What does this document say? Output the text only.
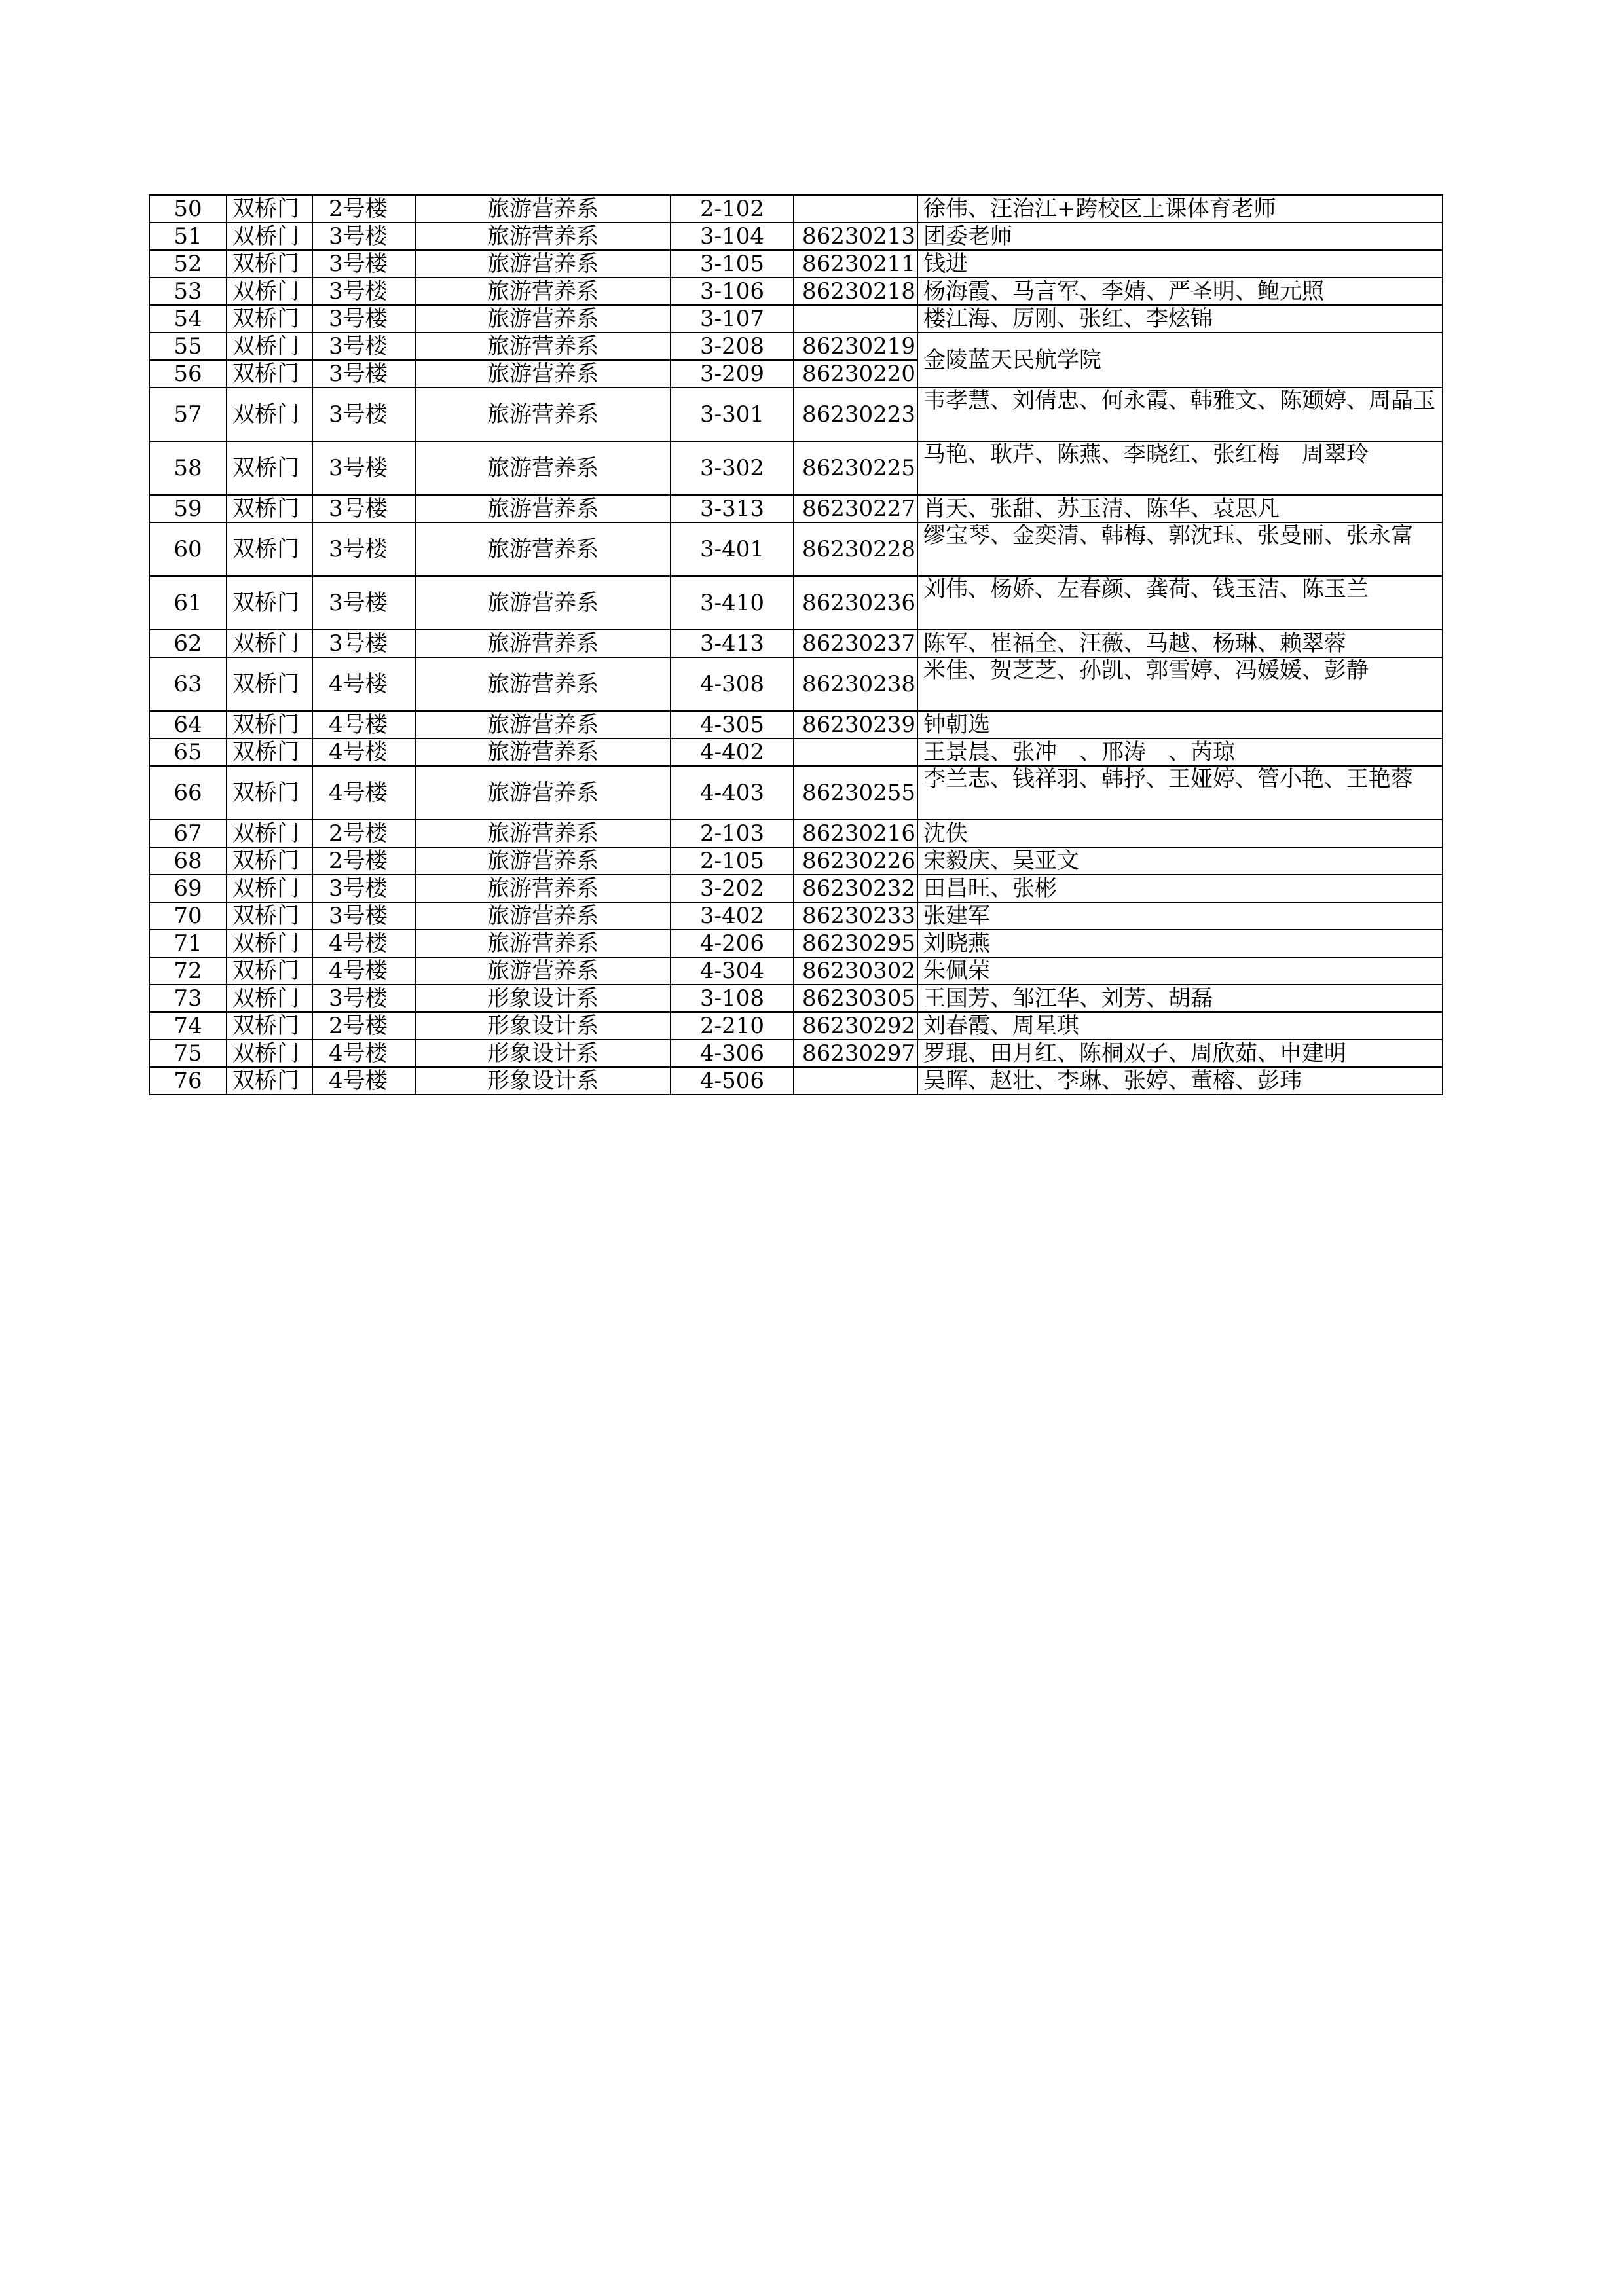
50	双桥门	2号楼	旅游营养系	2-102		徐伟、汪治江+跨校区上课体育老师
51	双桥门	3号楼	旅游营养系	3-104	86230213	团委老师
52	双桥门	3号楼	旅游营养系	3-105	86230211	钱进
53	双桥门	3号楼	旅游营养系	3-106	86230218	杨海霞、马言军、李婧、严圣明、鲍元照
54	双桥门	3号楼	旅游营养系	3-107		楼江海、厉刚、张红、李炫锦
55	双桥门	3号楼	旅游营养系	3-208	86230219	金陵蓝天民航学院
56	双桥门	3号楼	旅游营养系	3-209	86230220	
57	双桥门	3号楼	旅游营养系	3-301	86230223	韦孝慧、刘倩忠、何永霞、韩雅文、陈颋婷、周晶玉
58	双桥门	3号楼	旅游营养系	3-302	86230225	马艳、耿芹、陈燕、李晓红、张红梅　周翠玲
59	双桥门	3号楼	旅游营养系	3-313	86230227	肖天、张甜、苏玉清、陈华、袁思凡
60	双桥门	3号楼	旅游营养系	3-401	86230228	缪宝琴、金奕清、韩梅、郭沈珏、张曼丽、张永富
61	双桥门	3号楼	旅游营养系	3-410	86230236	刘伟、杨娇、左春颜、龚荷、钱玉洁、陈玉兰
62	双桥门	3号楼	旅游营养系	3-413	86230237	陈军、崔福全、汪薇、马越、杨琳、赖翠蓉
63	双桥门	4号楼	旅游营养系	4-308	86230238	米佳、贺芝芝、孙凯、郭雪婷、冯媛媛、彭静
64	双桥门	4号楼	旅游营养系	4-305	86230239	钟朝选
65	双桥门	4号楼	旅游营养系	4-402		王景晨、张冲　、邢涛　、芮琼
66	双桥门	4号楼	旅游营养系	4-403	86230255	李兰志、钱祥羽、韩抒、王娅婷、管小艳、王艳蓉
67	双桥门	2号楼	旅游营养系	2-103	86230216	沈佚
68	双桥门	2号楼	旅游营养系	2-105	86230226	宋毅庆、吴亚文
69	双桥门	3号楼	旅游营养系	3-202	86230232	田昌旺、张彬
70	双桥门	3号楼	旅游营养系	3-402	86230233	张建军
71	双桥门	4号楼	旅游营养系	4-206	86230295	刘晓燕
72	双桥门	4号楼	旅游营养系	4-304	86230302	朱佩荣
73	双桥门	3号楼	形象设计系	3-108	86230305	王国芳、邹江华、刘芳、胡磊
74	双桥门	2号楼	形象设计系	2-210	86230292	刘春霞、周星琪
75	双桥门	4号楼	形象设计系	4-306	86230297	罗琨、田月红、陈桐双子、周欣茹、申建明
76	双桥门	4号楼	形象设计系	4-506		吴晖、赵壮、李琳、张婷、董榕、彭玮
